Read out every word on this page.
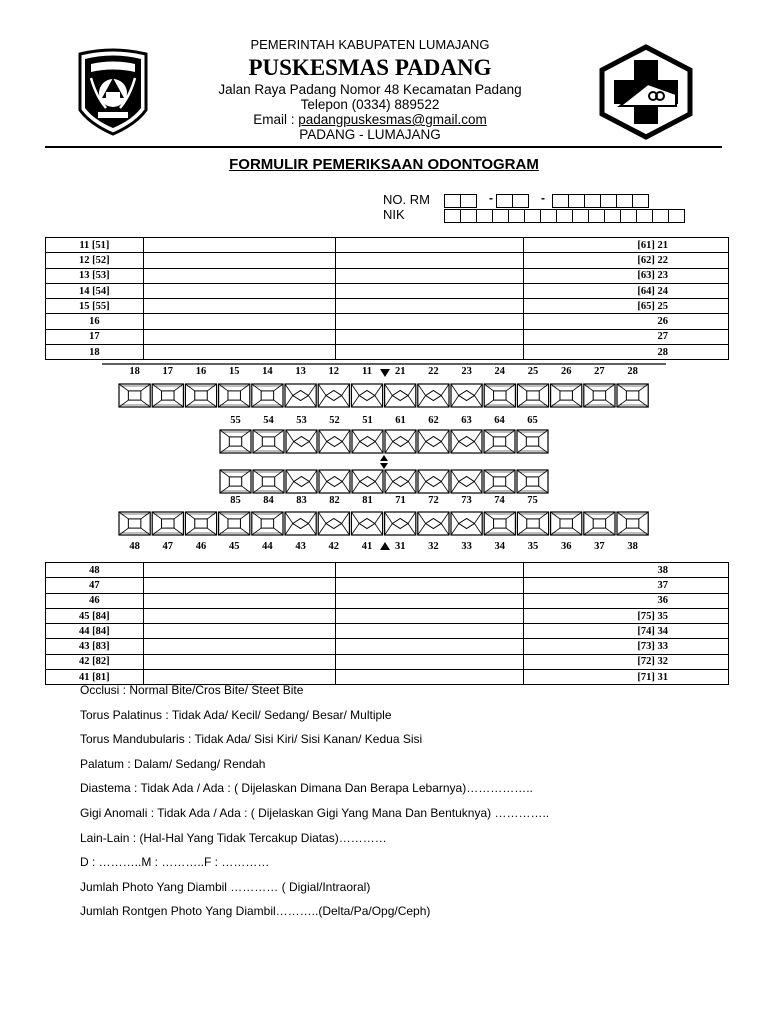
PEMERINTAH KABUPATEN LUMAJANG
PUSKESMAS PADANG
Jalan Raya Padang Nomor 48 Kecamatan Padang
Telepon (0334) 889522
Email : padangpuskesmas@gmail.com
PADANG - LUMAJANG
FORMULIR PEMERIKSAAN ODONTOGRAM
NO. RM
NIK
-	-
11 [51]			[61] 21
12 [52]			[62] 22
13 [53]			[63] 23
14 [54]			[64] 24
15 [55]			[65] 25
16			26
17			27
18			28
18	17	16	15	14	13	12	11	21	22	23	24	25	26	27	28
55	54	53	52	51	61	62	63	64	65
85	84	83	82	81	71	72	73	74	75
48	47	46	45	44	43	42	41	31	32	33	34	35	36	37	38
48			38
47			37
46			36
45 [84]			[75] 35
44 [84]			[74] 34
43 [83]			[73] 33
42 [82]			[72] 32
41 [81]			[71] 31
Occlusi : Normal Bite/Cros Bite/ Steet Bite
Torus Palatinus : Tidak Ada/ Kecil/ Sedang/ Besar/ Multiple
Torus Mandubularis : Tidak Ada/ Sisi Kiri/ Sisi Kanan/ Kedua Sisi
Palatum : Dalam/ Sedang/ Rendah
Diastema : Tidak Ada / Ada : ( Dijelaskan Dimana Dan Berapa Lebarnya)……………..
Gigi Anomali : Tidak Ada / Ada : ( Dijelaskan Gigi Yang Mana Dan Bentuknya) …………..
Lain-Lain : (Hal-Hal Yang Tidak Tercakup Diatas)…………
D : ………..M : ………..F : …………
Jumlah Photo Yang Diambil ………… ( Digial/Intraoral)
Jumlah Rontgen Photo Yang Diambil………..(Delta/Pa/Opg/Ceph)
